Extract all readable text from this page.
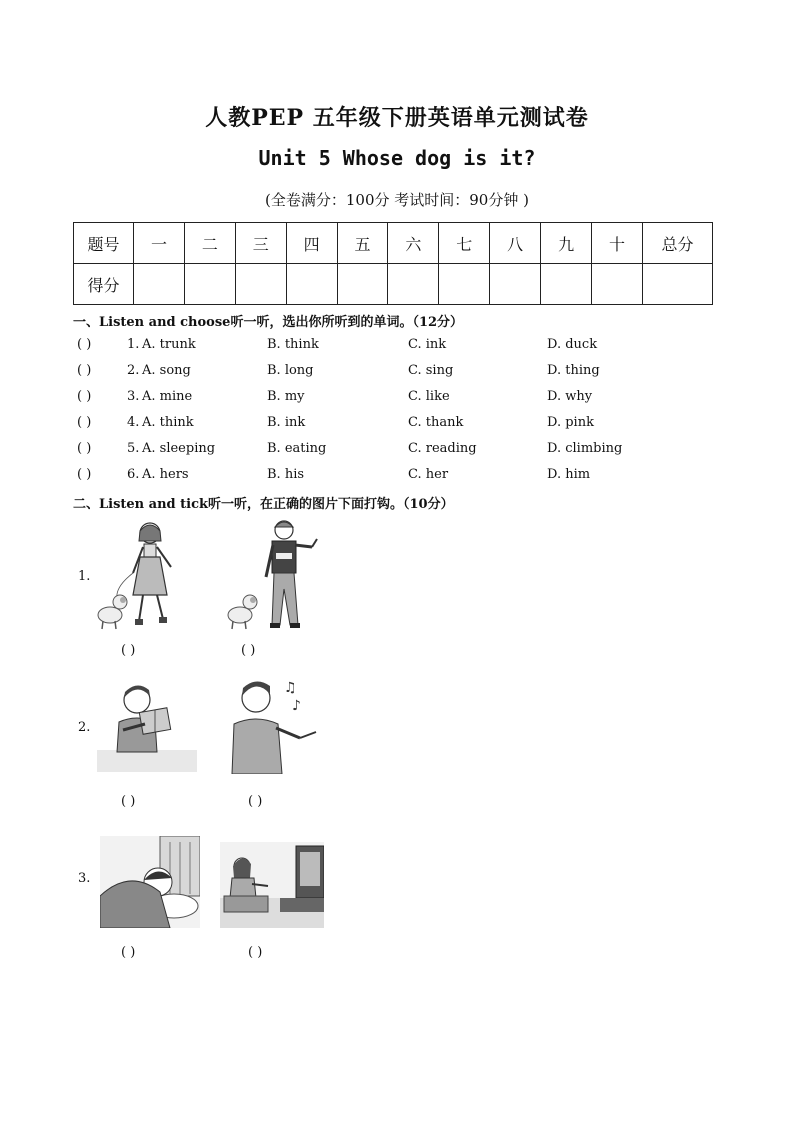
人教PEP 五年级下册英语单元测试卷
Unit 5 Whose dog is it?
(全卷满分：100分 考试时间：90分钟 )
题号	一	二	三	四	五	六	七	八	九	十	总分
得分											
一、Listen and choose听一听，选出你所听到的单词。（12分）
( )	1. A. trunk	B. think	C. ink	D. duck
( )	2. A. song	B. long	C. sing	D. thing
( )	3. A. mine	B. my	C. like	D. why
( )	4. A. think	B. ink	C. thank	D. pink
( )	5. A. sleeping	B. eating	C. reading	D. climbing
( )	6. A. hers	B. his	C. her	D. him
二、Listen and tick听一听，在正确的图片下面打钩。（10分）
1.
( )	( )
2.
♫
♪
( )	( )
3.
( )	( )
